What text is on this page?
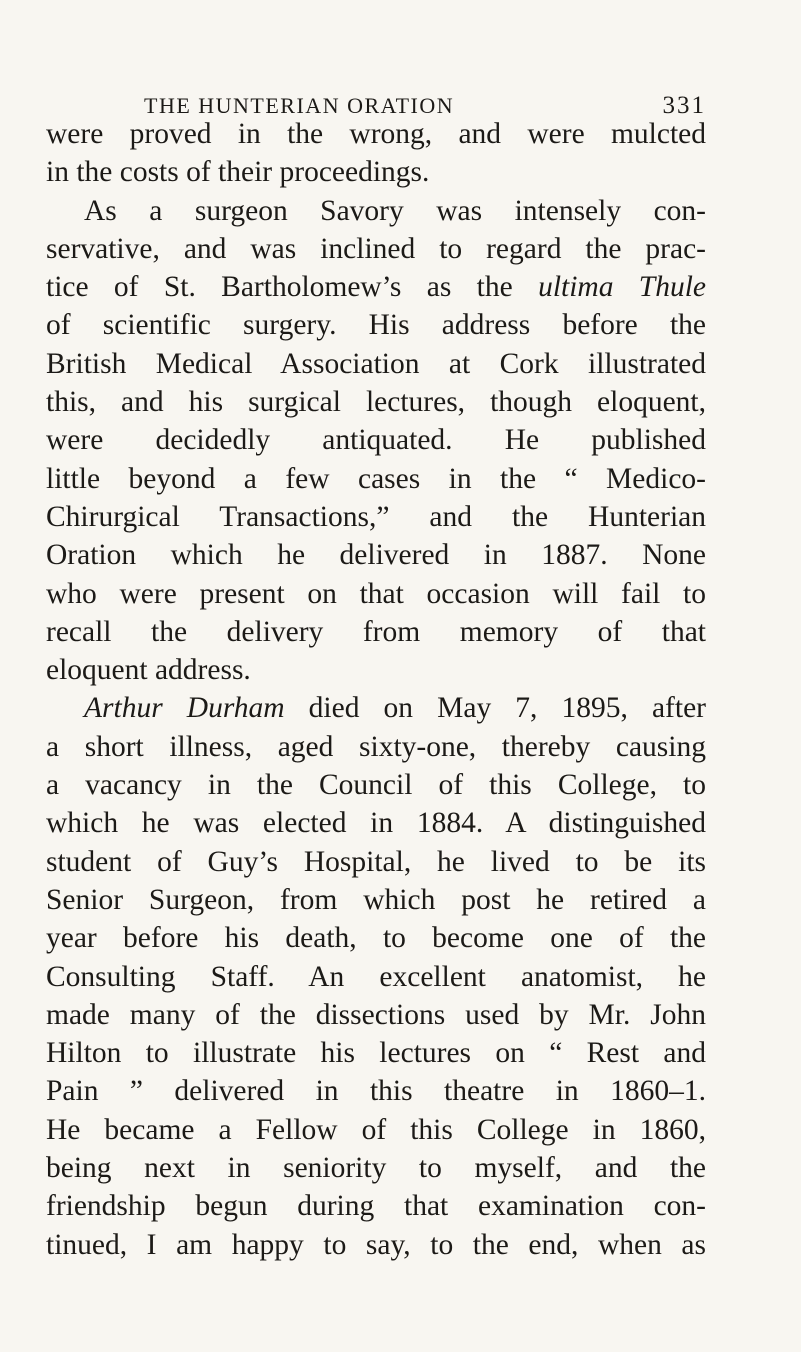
THE HUNTERIAN ORATION	331
were proved in the wrong, and were mulcted
in the costs of their proceedings.
As a surgeon Savory was intensely con-
servative, and was inclined to regard the prac-
tice of St. Bartholomew’s as the ultima Thule
of scientific surgery. His address before the
British Medical Association at Cork illustrated
this, and his surgical lectures, though eloquent,
were decidedly antiquated. He published
little beyond a few cases in the “ Medico-
Chirurgical Transactions,” and the Hunterian
Oration which he delivered in 1887. None
who were present on that occasion will fail to
recall the delivery from memory of that
eloquent address.
Arthur Durham died on May 7, 1895, after
a short illness, aged sixty-one, thereby causing
a vacancy in the Council of this College, to
which he was elected in 1884. A distinguished
student of Guy’s Hospital, he lived to be its
Senior Surgeon, from which post he retired a
year before his death, to become one of the
Consulting Staff. An excellent anatomist, he
made many of the dissections used by Mr. John
Hilton to illustrate his lectures on “ Rest and
Pain ” delivered in this theatre in 1860–1.
He became a Fellow of this College in 1860,
being next in seniority to myself, and the
friendship begun during that examination con-
tinued, I am happy to say, to the end, when as
